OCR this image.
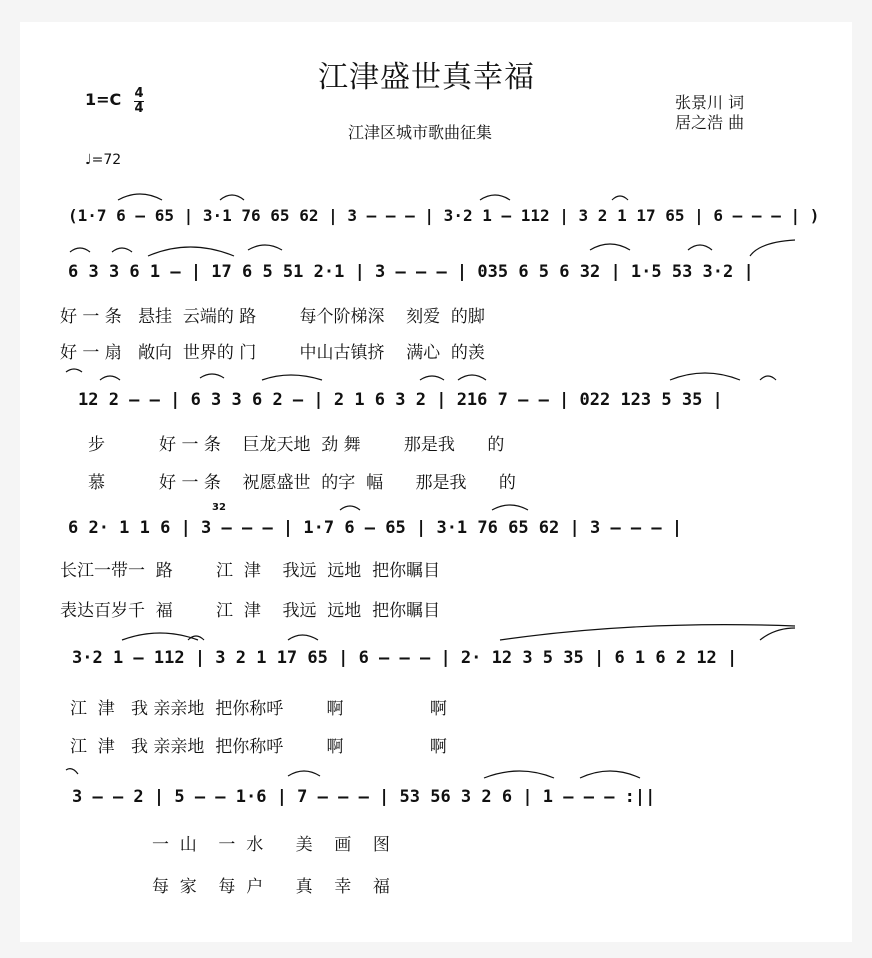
江津盛世真幸福
1=C 4
4
江津区城市歌曲征集
张景川 词
居之浩 曲
♩=72
(1·7 6 – 65 | 3·1 76 65 62 | 3 – – – | 3·2 1 – 112 | 3 2 1 17 65 | 6 – – – | )
6 3 3 6 1 – | 17 6 5 51 2·1 | 3 – – – | 035 6 5 6 32 | 1·5 53 3·2 |
好 一 条   悬挂  云端的 路        每个阶梯深    刻爱  的脚
好 一 扇   敞向  世界的 门        中山古镇挤    满心  的羡
12 2 – – | 6 3 3 6 2 – | 2 1 6 3 2 | 216 7 – – | 022 123 5 35 |
步          好 一 条    巨龙天地  劲 舞        那是我      的
慕          好 一 条    祝愿盛世  的字  幅      那是我      的
32
6 2· 1 1 6 | 3 – – – | 1·7 6 – 65 | 3·1 76 65 62 | 3 – – – |
长江一带一  路        江  津    我远  远地  把你瞩目
表达百岁千  福        江  津    我远  远地  把你瞩目
3·2 1 – 112 | 3 2 1 17 65 | 6 – – – | 2· 12 3 5 35 | 6 1 6 2 12 |
江  津   我 亲亲地  把你称呼        啊                啊
江  津   我 亲亲地  把你称呼        啊                啊
3 – – 2 | 5 – – 1·6 | 7 – – – | 53 56 3 2 6 | 1 – – – :||
一  山    一  水      美    画    图
每  家    每  户      真    幸    福
